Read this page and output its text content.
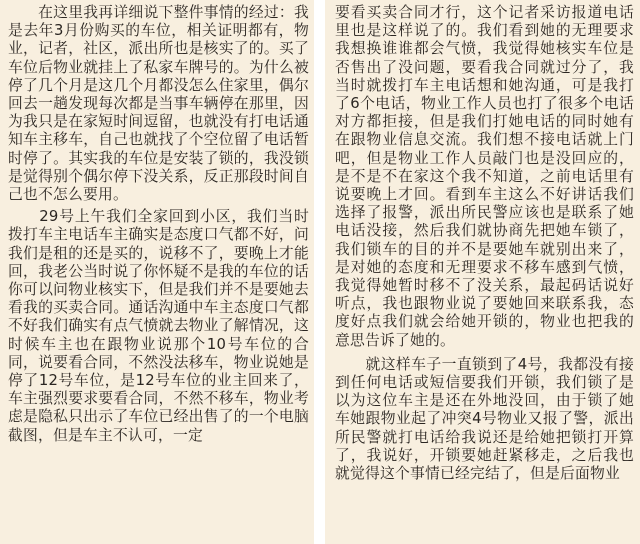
　　在这里我再详细说下整件事情的经过：我是去年3月份购买的车位，相关证明都有，物业，记者，社区，派出所也是核实了的。买了车位后物业就挂上了私家车牌号的。为什么被停了几个月是这几个月都没怎么住家里，偶尔回去一趟发现每次都是当事车辆停在那里，因为我只是在家短时间逗留，也就没有打电话通知车主移车，自己也就找了个空位留了电话暂时停了。其实我的车位是安装了锁的，我没锁是觉得别个偶尔停下没关系，反正那段时间自己也不怎么要用。

　　29号上午我们全家回到小区，我们当时拨打车主电话车主确实是态度口气都不好，问我们是租的还是买的，说移不了，要晚上才能回，我老公当时说了你怀疑不是我的车位的话你可以问物业核实下，但是我们并不是要她去看我的买卖合同。通话沟通中车主态度口气都不好我们确实有点气愤就去物业了解情况，这时候车主也在跟物业说那个10号车位的合同，说要看合同，不然没法移车，物业说她是停了12号车位，是12号车位的业主回来了，车主强烈要求要看合同，不然不移车，物业考虑是隐私只出示了车位已经出售了的一个电脑截图，但是车主不认可，一定

要看买卖合同才行，这个记者采访报道电话里也是这样说了的。我们看到她的无理要求我想换谁谁都会气愤，我觉得她核实车位是否售出了没问题，要看我合同就过分了，我当时就拨打车主电话想和她沟通，可是我打了6个电话，物业工作人员也打了很多个电话对方都拒接，但是我们打她电话的同时她有在跟物业信息交流。我们想不接电话就上门吧，但是物业工作人员敲门也是没回应的，是不是不在家这个我不知道，之前电话里有说要晚上才回。看到车主这么不好讲话我们选择了报警，派出所民警应该也是联系了她电话没接，然后我们就协商先把她车锁了，我们锁车的目的并不是要她车就别出来了，是对她的态度和无理要求不移车感到气愤，我觉得她暂时移不了没关系，最起码话说好听点，我也跟物业说了要她回来联系我，态度好点我们就会给她开锁的，物业也把我的意思告诉了她的。

　　就这样车子一直锁到了4号，我都没有接到任何电话或短信要我们开锁，我们锁了是以为这位车主是还在外地没回，由于锁了她车她跟物业起了冲突4号物业又报了警，派出所民警就打电话给我说还是给她把锁打开算了，我说好，开锁要她赶紧移走，之后我也就觉得这个事情已经完结了，但是后面物业
